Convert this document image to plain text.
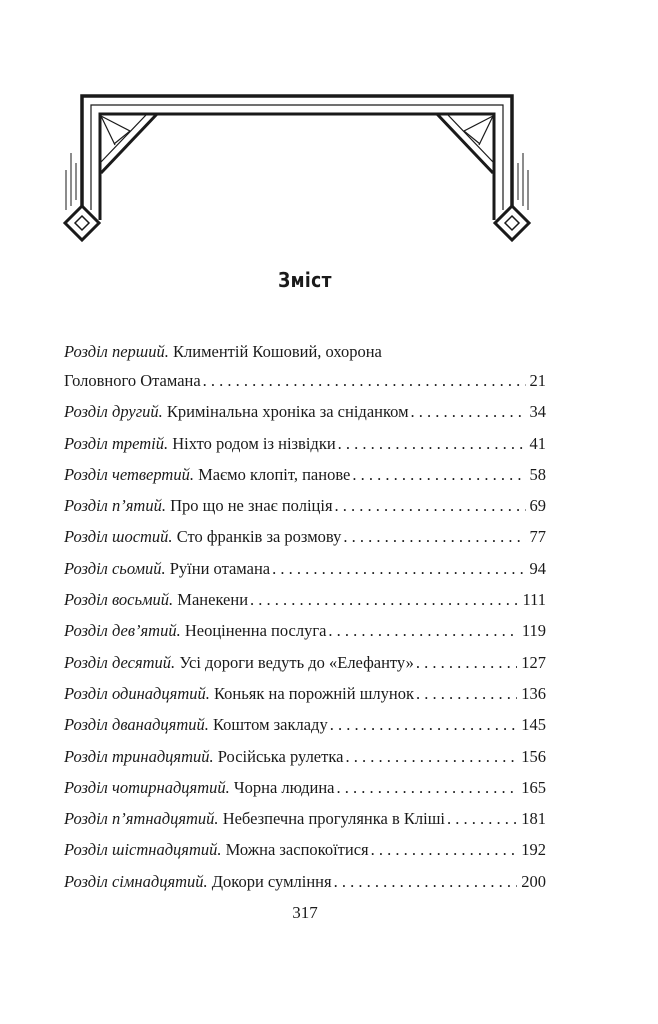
Зміст
Розділ перший. Климентій Кошовий, охорона
Головного Отамана . . .	21
Розділ другий. Кримінальна хроніка за сніданком . . .	34
Розділ третій. Ніхто родом із нізвідки . . .	41
Розділ четвертий. Маємо клопіт, панове . . .	58
Розділ п’ятий. Про що не знає поліція . . .	69
Розділ шостий. Сто франків за розмову . . .	77
Розділ сьомий. Руїни отамана . . .	94
Розділ восьмий. Манекени . . .	111
Розділ дев’ятий. Неоціненна послуга . . .	119
Розділ десятий. Усі дороги ведуть до «Елефанту» . . .	127
Розділ одинадцятий. Коньяк на порожній шлунок . . .	136
Розділ дванадцятий. Коштом закладу . . .	145
Розділ тринадцятий. Російська рулетка . . .	156
Розділ чотирнадцятий. Чорна людина . . .	165
Розділ п’ятнадцятий. Небезпечна прогулянка в Кліші . . .	181
Розділ шістнадцятий. Можна заспокоїтися . . .	192
Розділ сімнадцятий. Докори сумління . . .	200
317
